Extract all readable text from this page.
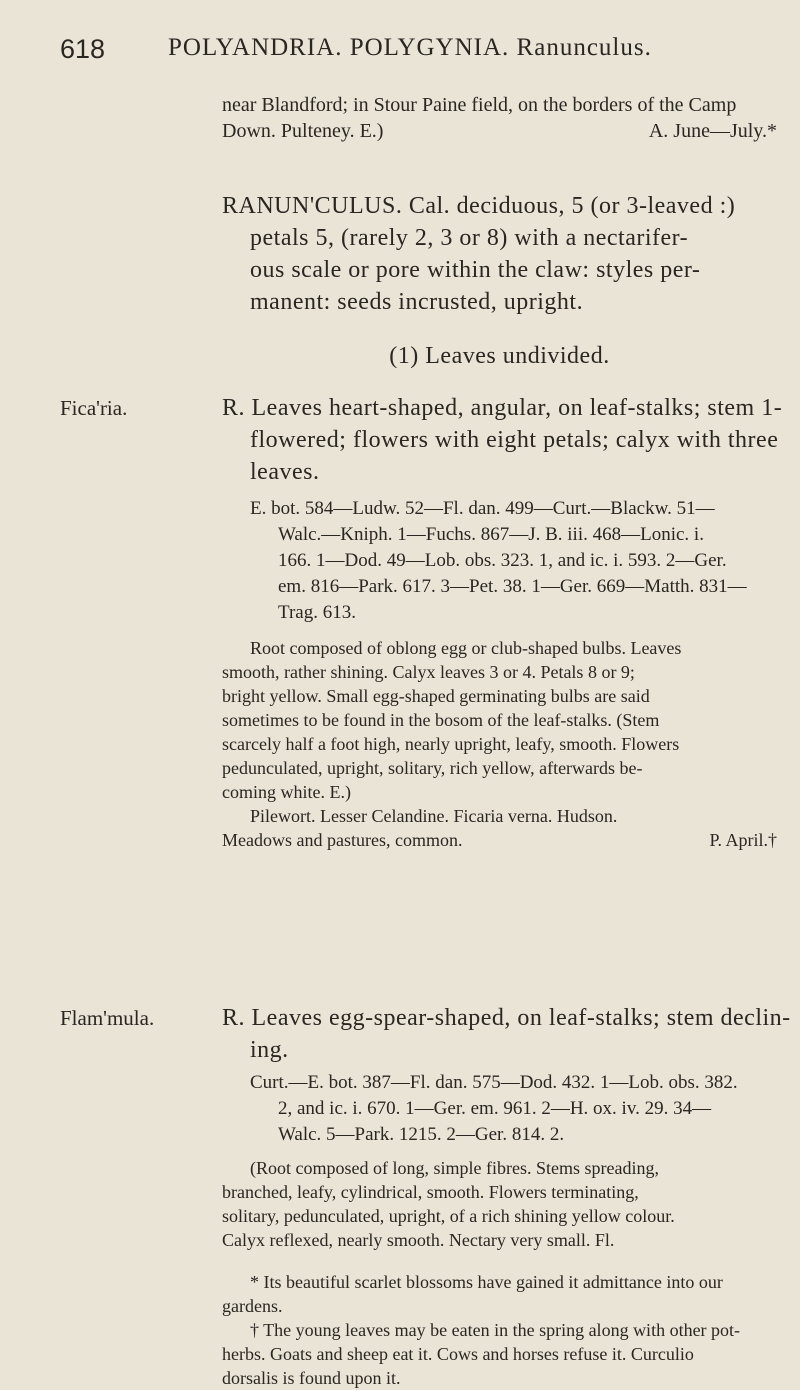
618	POLYANDRIA. POLYGYNIA. Ranunculus.
near Blandford; in Stour Paine field, on the borders of the Camp
Down. Pulteney. E.)	A. June—July.*
RANUN'CULUS. Cal. deciduous, 5 (or 3-leaved :)
petals 5, (rarely 2, 3 or 8) with a nectarifer-
ous scale or pore within the claw: styles per-
manent: seeds incrusted, upright.
(1) Leaves undivided.
Fica'ria.	R. Leaves heart-shaped, angular, on leaf-stalks; stem 1-
flowered; flowers with eight petals; calyx with three
leaves.
E. bot. 584—Ludw. 52—Fl. dan. 499—Curt.—Blackw. 51—
Walc.—Kniph. 1—Fuchs. 867—J. B. iii. 468—Lonic. i.
166. 1—Dod. 49—Lob. obs. 323. 1, and ic. i. 593. 2—Ger.
em. 816—Park. 617. 3—Pet. 38. 1—Ger. 669—Matth. 831—
Trag. 613.
Root composed of oblong egg or club-shaped bulbs. Leaves
smooth, rather shining. Calyx leaves 3 or 4. Petals 8 or 9;
bright yellow. Small egg-shaped germinating bulbs are said
sometimes to be found in the bosom of the leaf-stalks. (Stem
scarcely half a foot high, nearly upright, leafy, smooth. Flowers
pedunculated, upright, solitary, rich yellow, afterwards be-
coming white. E.)
Pilewort. Lesser Celandine. Ficaria verna. Hudson.
Meadows and pastures, common.	P. April.†
Flam'mula.	R. Leaves egg-spear-shaped, on leaf-stalks; stem declin-
ing.
Curt.—E. bot. 387—Fl. dan. 575—Dod. 432. 1—Lob. obs. 382.
2, and ic. i. 670. 1—Ger. em. 961. 2—H. ox. iv. 29. 34—
Walc. 5—Park. 1215. 2—Ger. 814. 2.
(Root composed of long, simple fibres. Stems spreading,
branched, leafy, cylindrical, smooth. Flowers terminating,
solitary, pedunculated, upright, of a rich shining yellow colour.
Calyx reflexed, nearly smooth. Nectary very small. Fl.
* Its beautiful scarlet blossoms have gained it admittance into our
gardens.
† The young leaves may be eaten in the spring along with other pot-
herbs. Goats and sheep eat it. Cows and horses refuse it. Curculio
dorsalis is found upon it.
